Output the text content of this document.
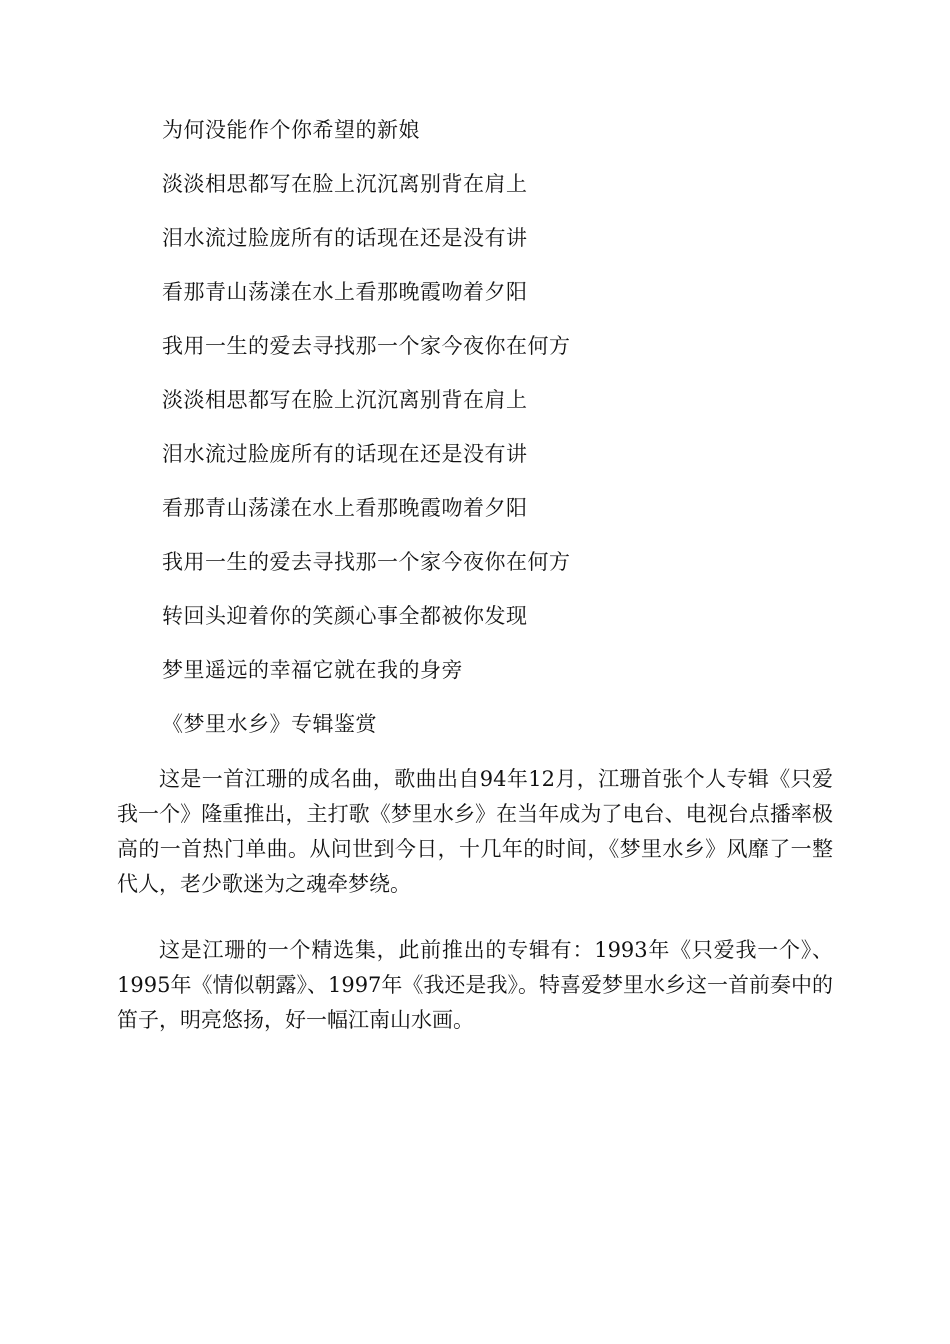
为何没能作个你希望的新娘
淡淡相思都写在脸上沉沉离别背在肩上
泪水流过脸庞所有的话现在还是没有讲
看那青山荡漾在水上看那晚霞吻着夕阳
我用一生的爱去寻找那一个家今夜你在何方
淡淡相思都写在脸上沉沉离别背在肩上
泪水流过脸庞所有的话现在还是没有讲
看那青山荡漾在水上看那晚霞吻着夕阳
我用一生的爱去寻找那一个家今夜你在何方
转回头迎着你的笑颜心事全都被你发现
梦里遥远的幸福它就在我的身旁
《梦里水乡》专辑鉴赏

这是一首江珊的成名曲，歌曲出自94年12月，江珊首张个人专辑《只爱我一个》隆重推出，主打歌《梦里水乡》在当年成为了电台、电视台点播率极高的一首热门单曲。从问世到今日，十几年的时间，《梦里水乡》风靡了一整代人，老少歌迷为之魂牵梦绕。

这是江珊的一个精选集，此前推出的专辑有：1993年《只爱我一个》、1995年《情似朝露》、1997年《我还是我》。特喜爱梦里水乡这一首前奏中的笛子，明亮悠扬，好一幅江南山水画。
